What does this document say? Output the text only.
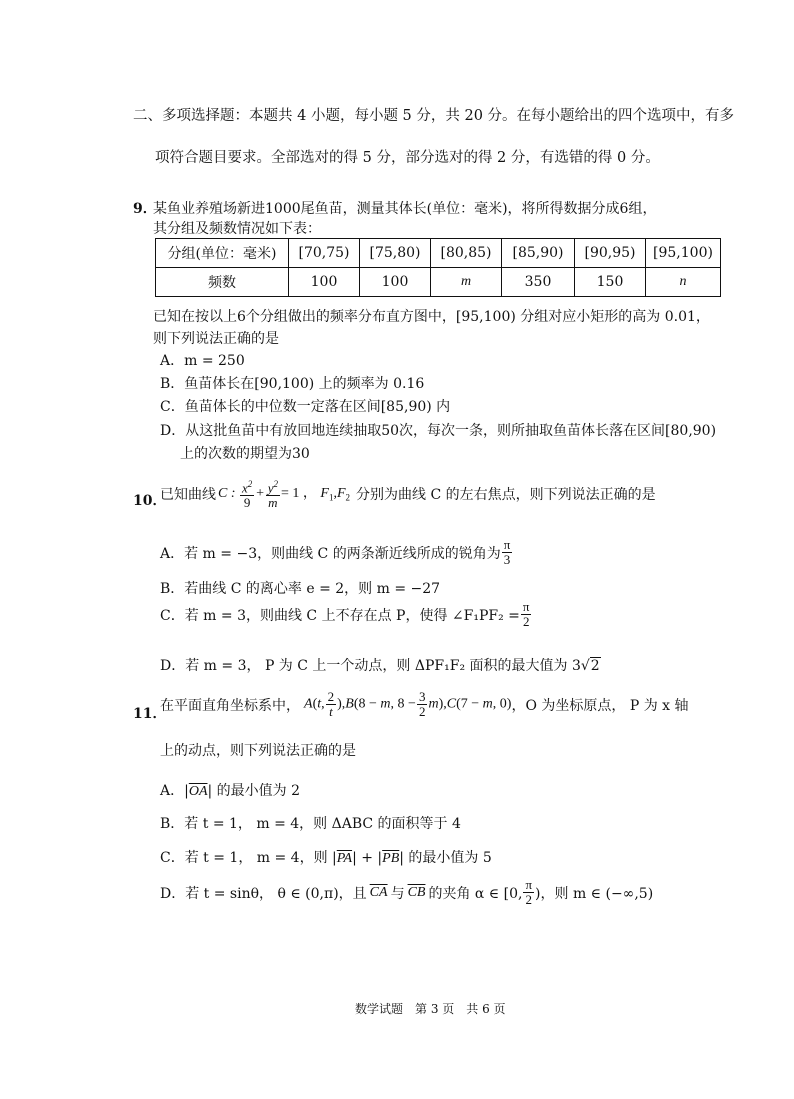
二、多项选择题：本题共 4 小题，每小题 5 分，共 20 分。在每小题给出的四个选项中，有多
项符合题目要求。全部选对的得 5 分，部分选对的得 2 分，有选错的得 0 分。
9．
某鱼业养殖场新进1000尾鱼苗，测量其体长(单位：毫米)，将所得数据分成6组，
其分组及频数情况如下表：
分组(单位：毫米)	[70,75)	[75,80)	[80,85)	[85,90)	[90,95)	[95,100)
频数	100	100	m	350	150	n
已知在按以上6个分组做出的频率分布直方图中，[95,100) 分组对应小矩形的高为 0.01，
则下列说法正确的是
A．m = 250
B．鱼苗体长在[90,100) 上的频率为 0.16
C．鱼苗体长的中位数一定落在区间[85,90) 内
D．从这批鱼苗中有放回地连续抽取50次，每次一条，则所抽取鱼苗体长落在区间[80,90)
上的次数的期望为30
10．
已知曲线 C : $\frac{x^2}{9} + \frac{y^2}{m} = 1$ ， $F_1,F_2$ 分别为曲线 C 的左右焦点，则下列说法正确的是
A．若 m = −3，则曲线 C 的两条渐近线所成的锐角为 $\frac{\pi}{3}$
B．若曲线 C 的离心率 e = 2，则 m = −27
C．若 m = 3，则曲线 C 上不存在点 P，使得 ∠F₁PF₂ = $\frac{\pi}{2}$
D．若 m = 3， P 为 C 上一个动点，则 ΔPF₁F₂ 面积的最大值为 3√2
11．
在平面直角坐标系中， A(t, $\frac{2}{t} ),B(8 - m$, $8 - \frac{3}{2} m),C(7 - m$, 0) ，O 为坐标原点， P 为 x 轴
上的动点，则下列说法正确的是
A．$|\overline{OA}|$ 的最小值为 2
B．若 t = 1， m = 4，则 ΔABC 的面积等于 4
C．若 t = 1， m = 4，则 $|\overline{PA}| + |\overline{PB}|$ 的最小值为 5
D．若 t = sinθ， θ ∈ (0,π)，且 $\overline{CA}$ 与 $\overline{CB}$ 的夹角 α ∈ [0, $\frac{\pi}{2}$ )，则 m ∈ (−∞,5)
数学试题　第 3 页　共 6 页
